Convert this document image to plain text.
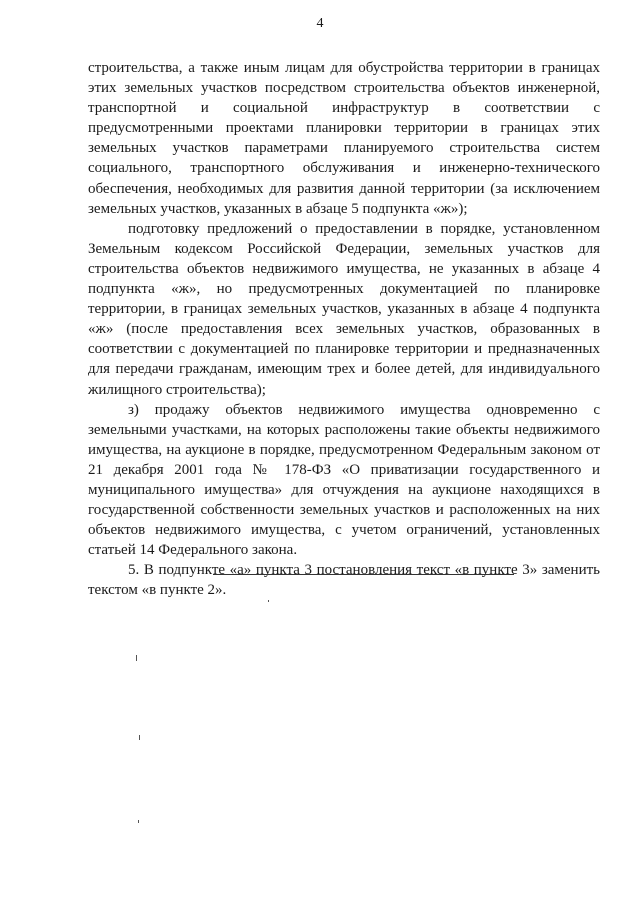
4

строительства, а также иным лицам для обустройства территории в границах этих земельных участков посредством строительства объектов инженерной, транспортной и социальной инфраструктур в соответствии с предусмотренными проектами планировки территории в границах этих земельных участков параметрами планируемого строительства систем социального, транспортного обслуживания и инженерно-технического обеспечения, необходимых для развития данной территории (за исключением земельных участков, указанных в абзаце 5 подпункта «ж»);

подготовку предложений о предоставлении в порядке, установленном Земельным кодексом Российской Федерации, земельных участков для строительства объектов недвижимого имущества, не указанных в абзаце 4 подпункта «ж», но предусмотренных документацией по планировке территории, в границах земельных участков, указанных в абзаце 4 подпункта «ж» (после предоставления всех земельных участков, образованных в соответствии с документацией по планировке территории и предназначенных для передачи гражданам, имеющим трех и более детей, для индивидуального жилищного строительства);

з) продажу объектов недвижимого имущества одновременно с земельными участками, на которых расположены такие объекты недвижимого имущества, на аукционе в порядке, предусмотренном Федеральным законом от 21 декабря 2001 года № 178-ФЗ «О приватизации государственного и муниципального имущества» для отчуждения на аукционе находящихся в государственной собственности земельных участков и расположенных на них объектов недвижимого имущества, с учетом ограничений, установленных статьей 14 Федерального закона.

5. В подпункте «а» пункта 3 постановления текст «в пункте 3» заменить текстом «в пункте 2».
